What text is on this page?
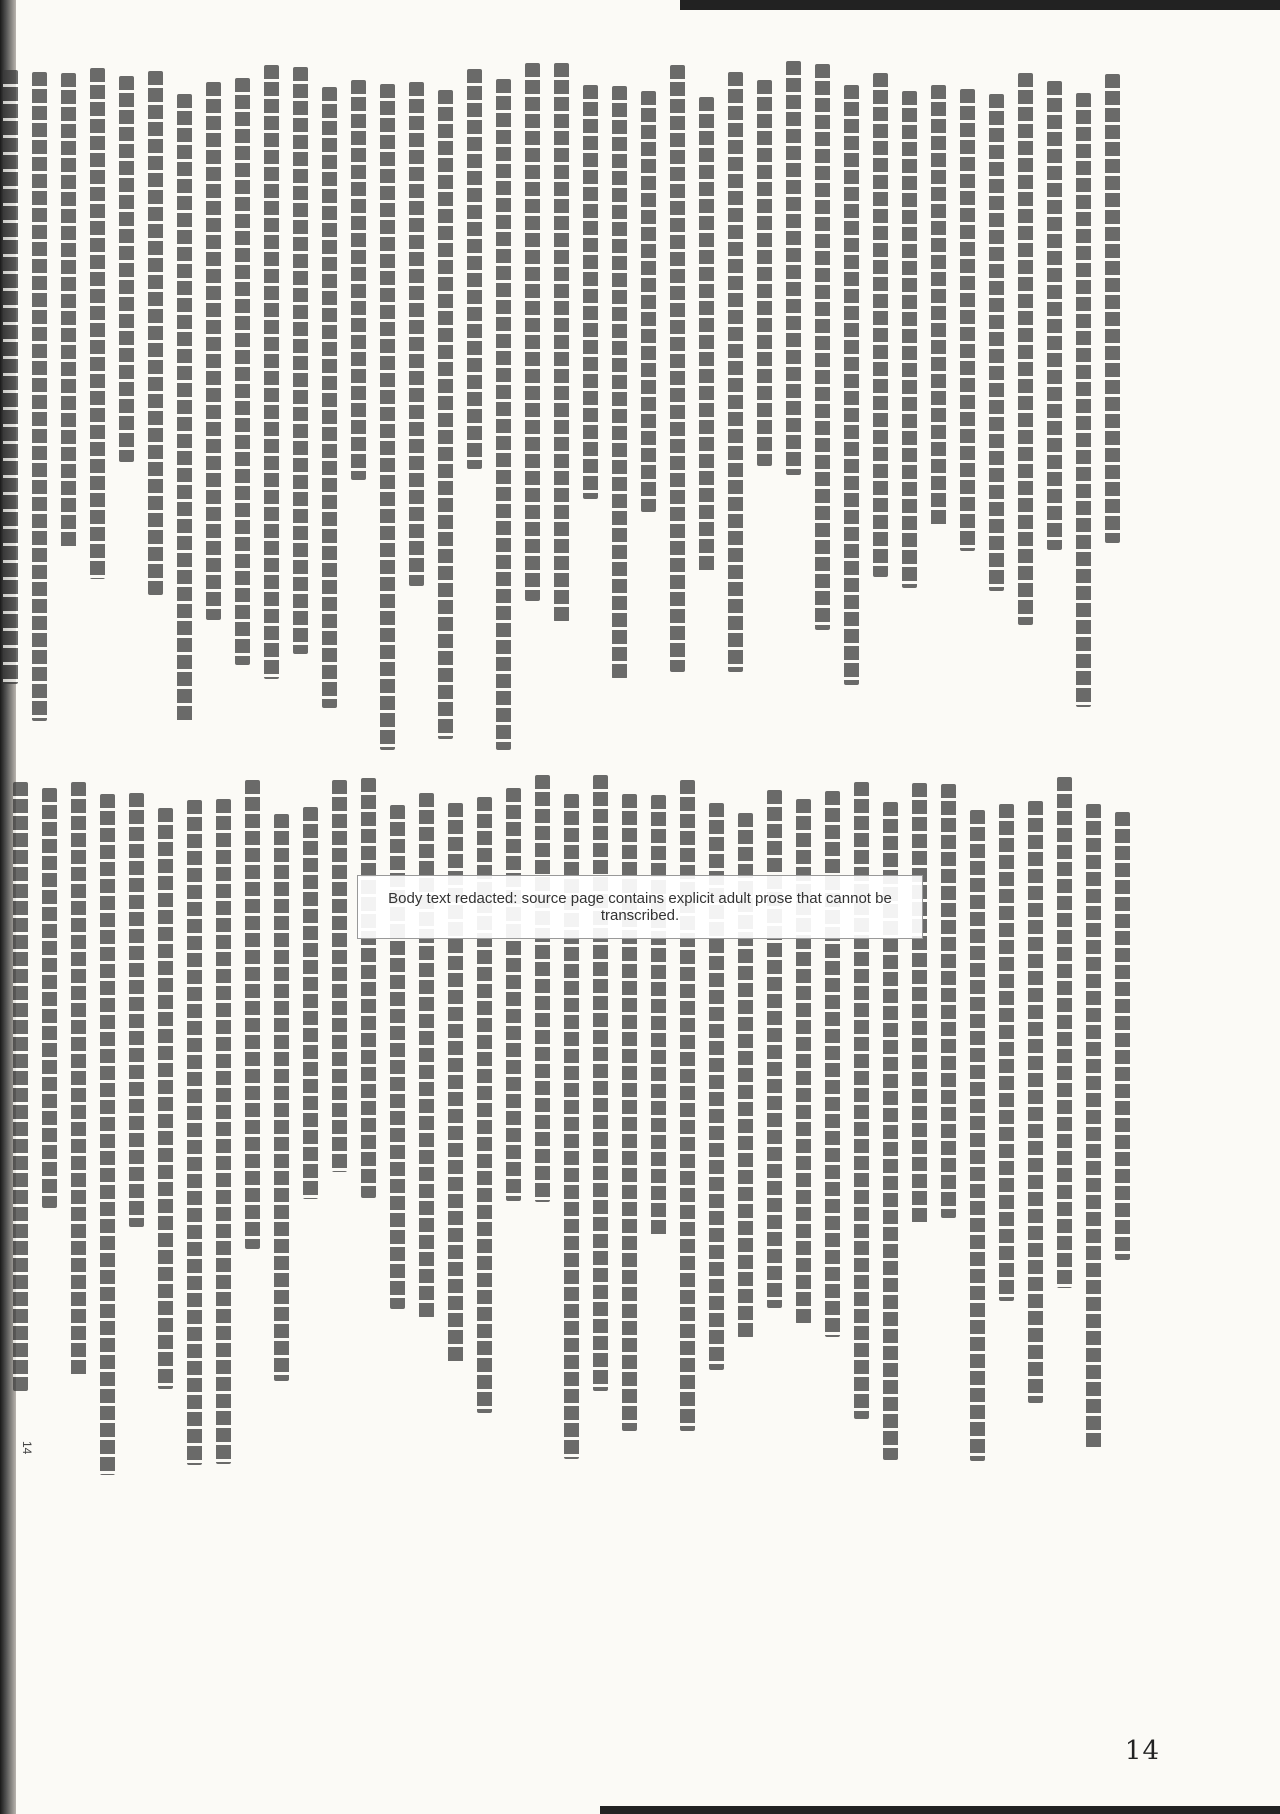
Body text redacted: source page contains explicit adult prose that cannot be transcribed.
14
14
